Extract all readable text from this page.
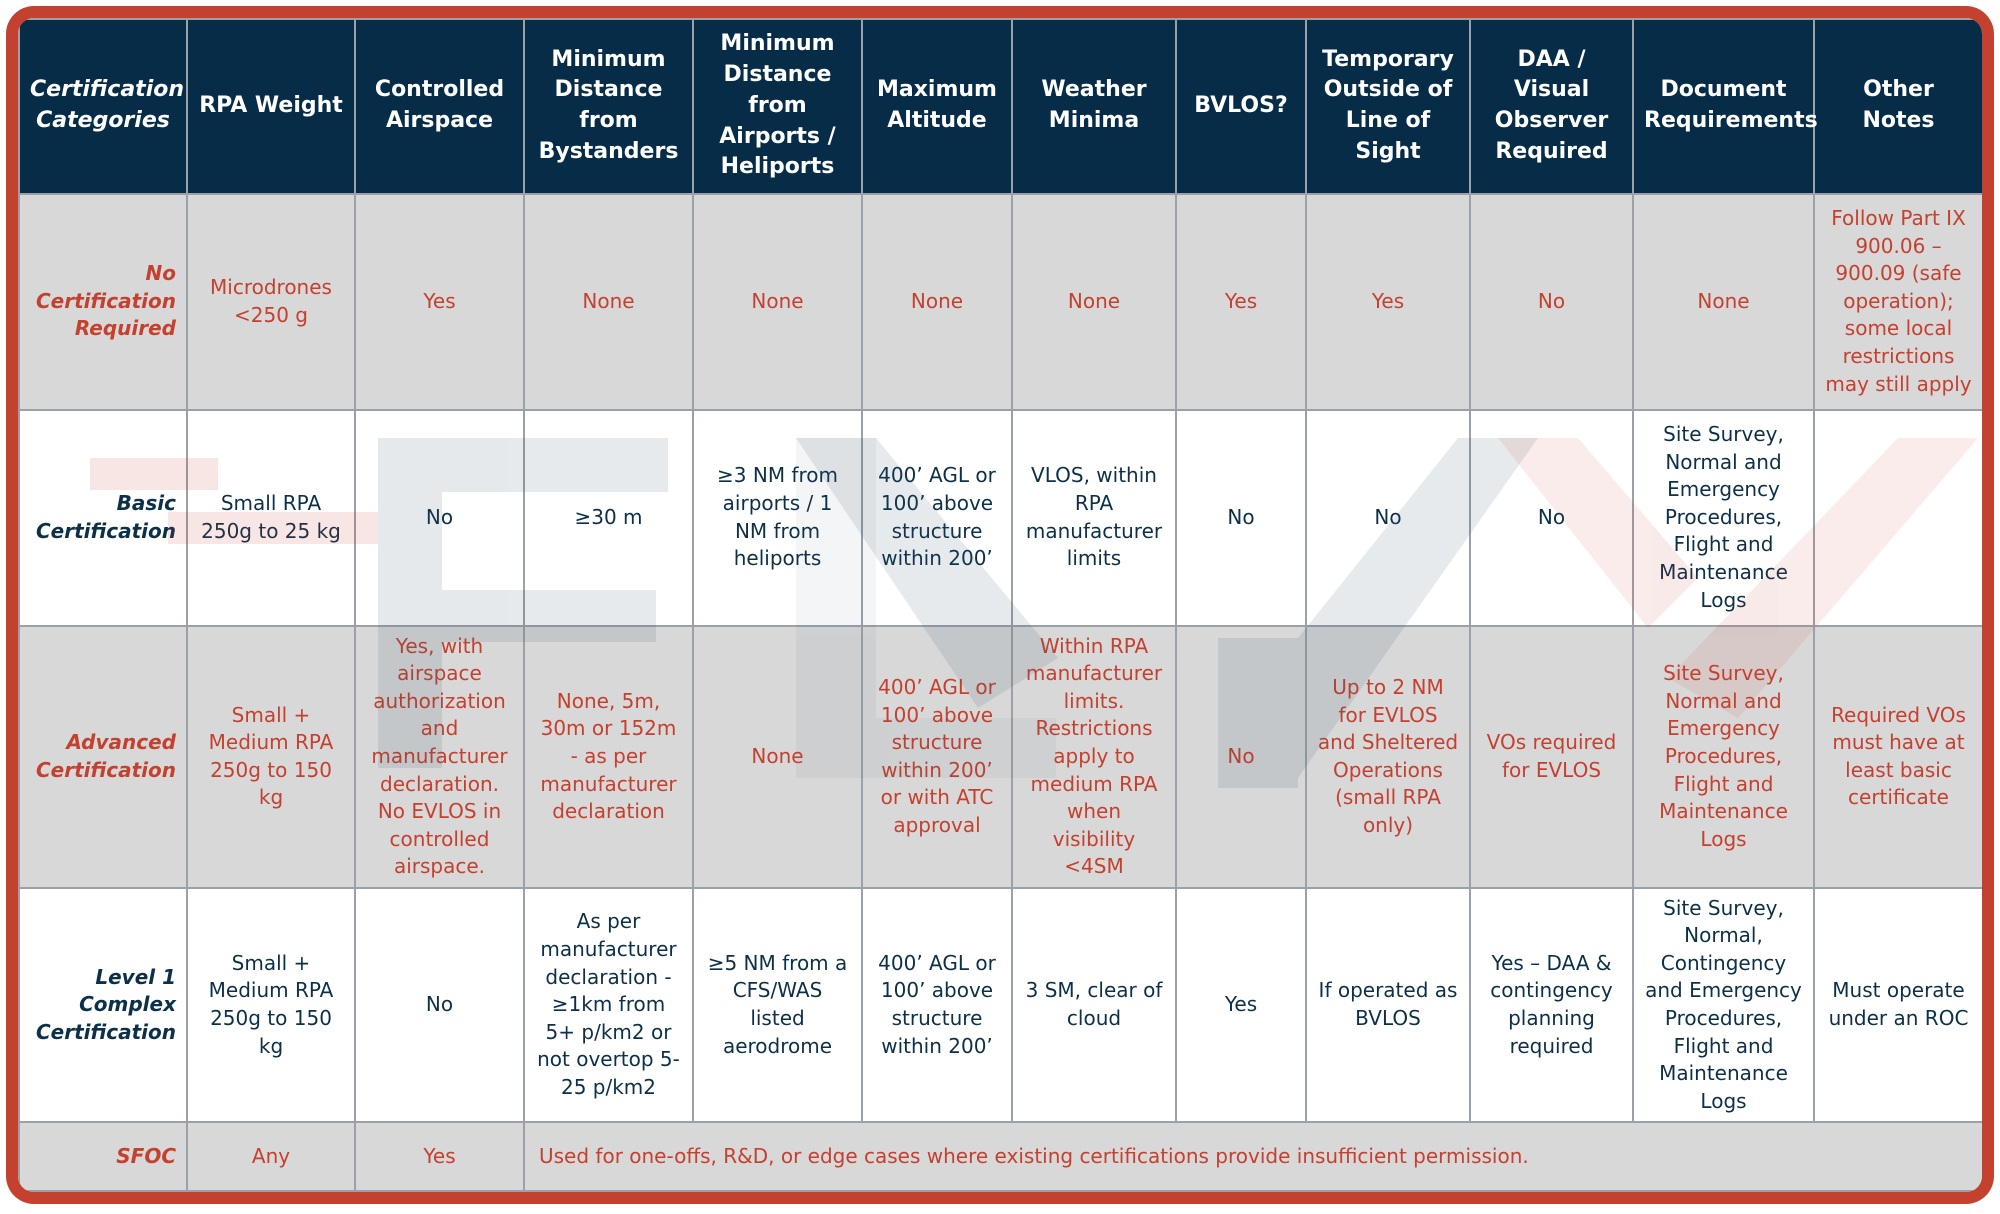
Certification Categories	RPA Weight	Controlled Airspace	Minimum Distance from Bystanders	Minimum Distance from Airports / Heliports	Maximum Altitude	Weather Minima	BVLOS?	Temporary Outside of Line of Sight	DAA / Visual Observer Required	Document Requirements	Other Notes
No Certification Required	Microdrones <250 g	Yes	None	None	None	None	Yes	Yes	No	None	Follow Part IX 900.06 – 900.09 (safe operation); some local restrictions may still apply
Basic Certification	Small RPA 250g to 25 kg	No	≥30 m	≥3 NM from airports / 1 NM from heliports	400’ AGL or 100’ above structure within 200’	VLOS, within RPA manufacturer limits	No	No	No	Site Survey, Normal and Emergency Procedures, Flight and Maintenance Logs	
Advanced Certification	Small + Medium RPA 250g to 150 kg	Yes, with airspace authorization and manufacturer declaration. No EVLOS in controlled airspace.	None, 5m, 30m or 152m - as per manufacturer declaration	None	400’ AGL or 100’ above structure within 200’ or with ATC approval	Within RPA manufacturer limits. Restrictions apply to medium RPA when visibility <4SM	No	Up to 2 NM for EVLOS and Sheltered Operations (small RPA only)	VOs required for EVLOS	Site Survey, Normal and Emergency Procedures, Flight and Maintenance Logs	Required VOs must have at least basic certificate
Level 1 Complex Certification	Small + Medium RPA 250g to 150 kg	No	As per manufacturer declaration - ≥1km from 5+ p/km2 or not overtop 5-25 p/km2	≥5 NM from a CFS/WAS listed aerodrome	400’ AGL or 100’ above structure within 200’	3 SM, clear of cloud	Yes	If operated as BVLOS	Yes – DAA & contingency planning required	Site Survey, Normal, Contingency and Emergency Procedures, Flight and Maintenance Logs	Must operate under an ROC
SFOC	Any	Yes	Used for one-offs, R&D, or edge cases where existing certifications provide insufficient permission.								
